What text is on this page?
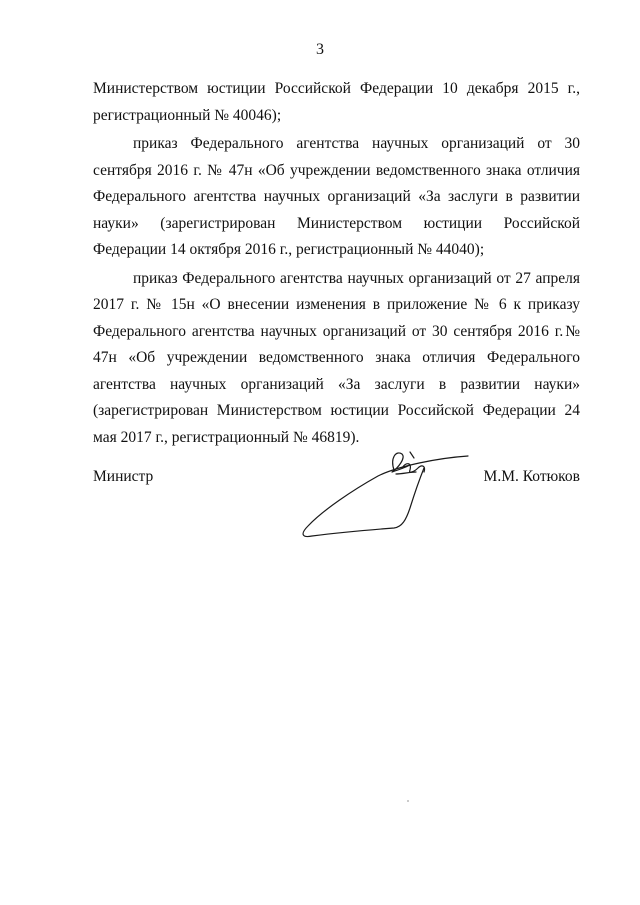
3

Министерством юстиции Российской Федерации 10 декабря 2015 г., регистрационный № 40046);

приказ Федерального агентства научных организаций от 30 сентября 2016 г. № 47н «Об учреждении ведомственного знака отличия Федерального агентства научных организаций «За заслуги в развитии науки» (зарегистрирован Министерством юстиции Российской Федерации 14 октября 2016 г., регистрационный № 44040);

приказ Федерального агентства научных организаций от 27 апреля 2017 г. № 15н «О внесении изменения в приложение № 6 к приказу Федерального агентства научных организаций от 30 сентября 2016 г.№ 47н «Об учреждении ведомственного знака отличия Федерального агентства научных организаций «За заслуги в развитии науки» (зарегистрирован Министерством юстиции Российской Федерации 24 мая 2017 г., регистрационный № 46819).

Министр	М.М. Котюков
